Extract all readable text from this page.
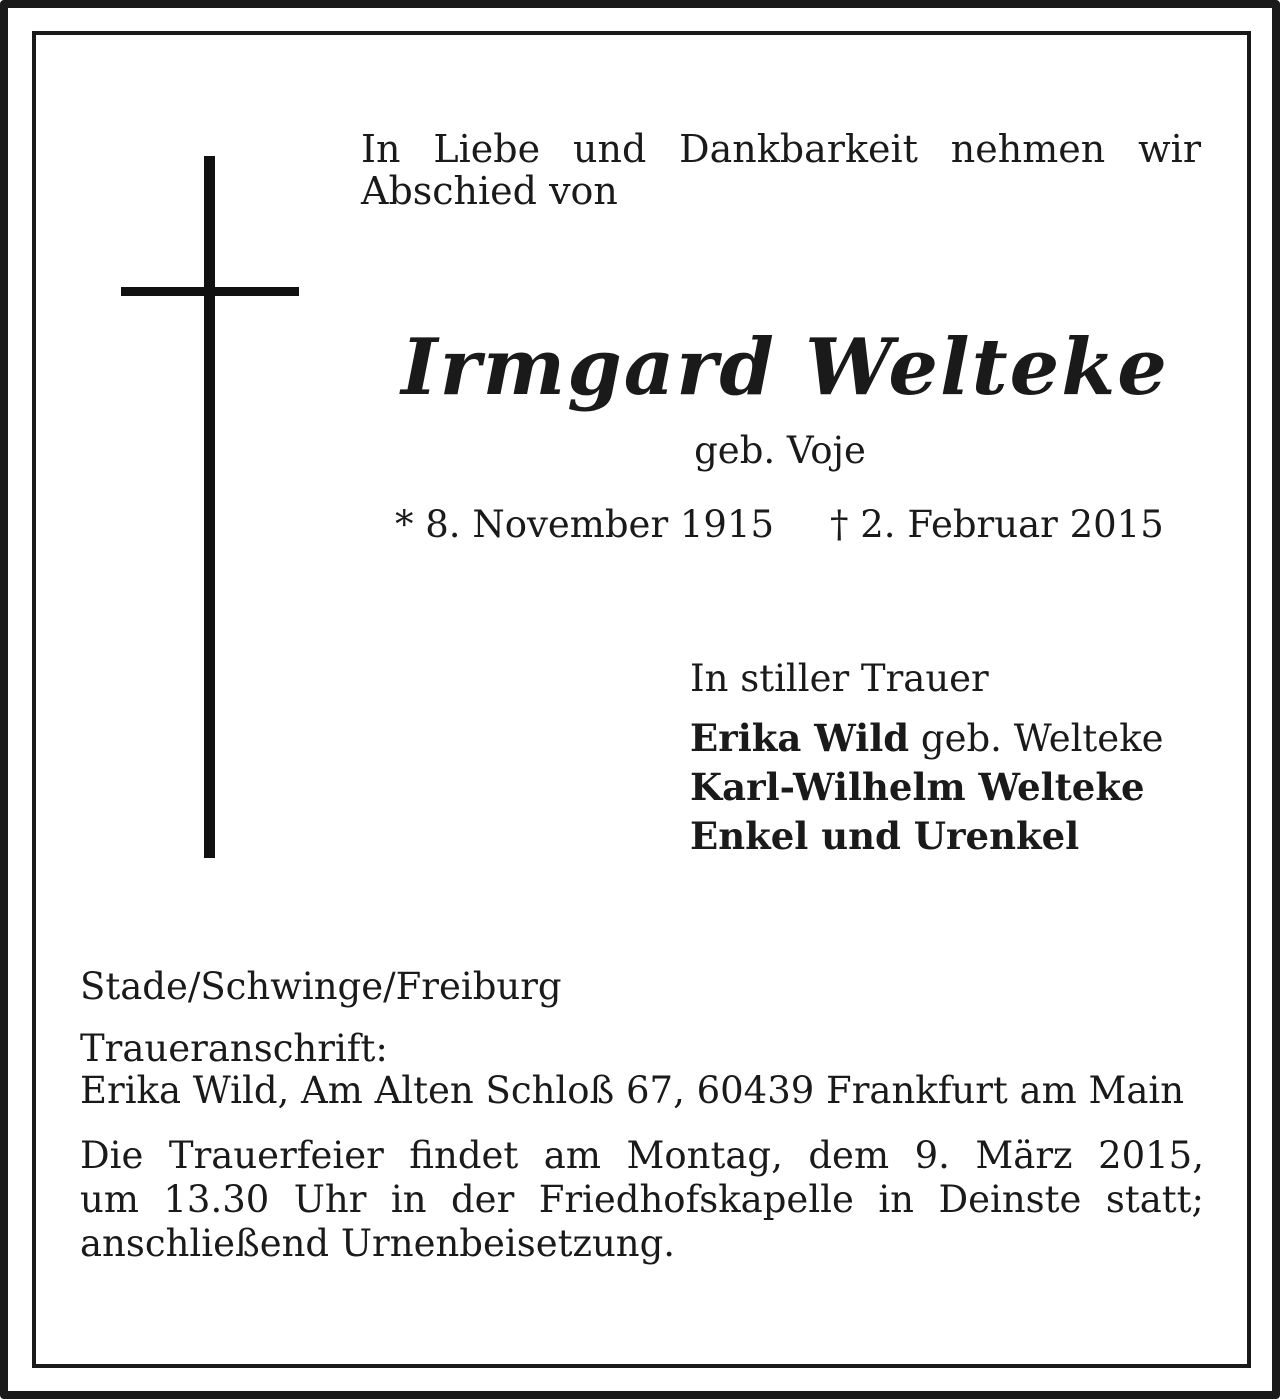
In Liebe und Dankbarkeit nehmen wir
Abschied von

Irmgard Welteke

geb. Voje

* 8. November 1915 † 2. Februar 2015

In stiller Trauer
Erika Wild geb. Welteke
Karl-Wilhelm Welteke
Enkel und Urenkel

Stade/Schwinge/Freiburg

Traueranschrift:
Erika Wild, Am Alten Schloß 67, 60439 Frankfurt am Main

Die Trauerfeier findet am Montag, dem 9. März 2015,
um 13.30 Uhr in der Friedhofskapelle in Deinste statt;
anschließend Urnenbeisetzung.
